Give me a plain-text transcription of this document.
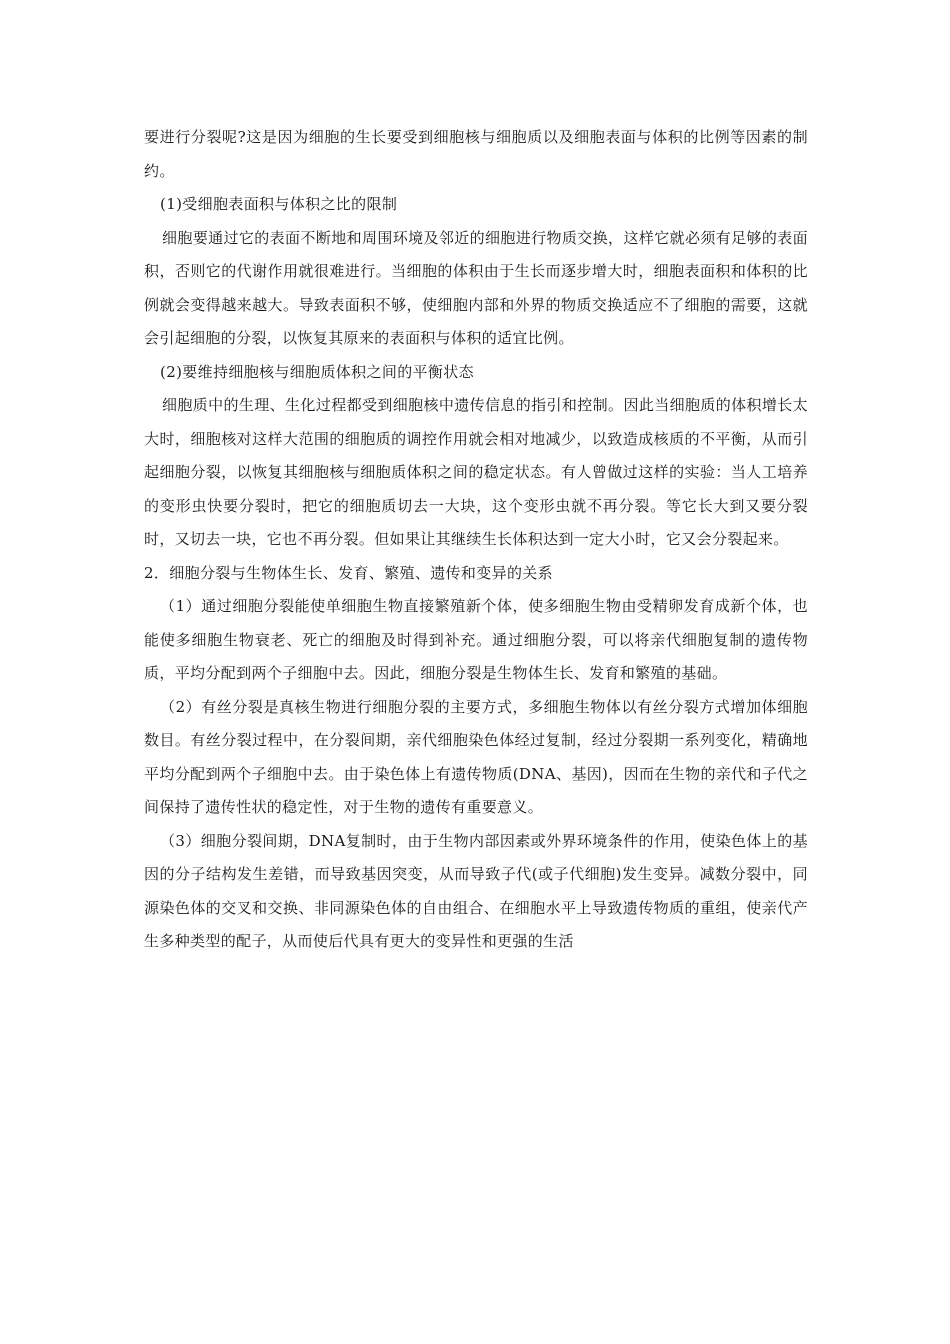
要进行分裂呢?这是因为细胞的生长要受到细胞核与细胞质以及细胞表面与体积的比例等因素的制约。

(1)受细胞表面积与体积之比的限制

细胞要通过它的表面不断地和周围环境及邻近的细胞进行物质交换，这样它就必须有足够的表面积，否则它的代谢作用就很难进行。当细胞的体积由于生长而逐步增大时，细胞表面积和体积的比例就会变得越来越大。导致表面积不够，使细胞内部和外界的物质交换适应不了细胞的需要，这就会引起细胞的分裂，以恢复其原来的表面积与体积的适宜比例。

(2)要维持细胞核与细胞质体积之间的平衡状态

细胞质中的生理、生化过程都受到细胞核中遗传信息的指引和控制。因此当细胞质的体积增长太大时，细胞核对这样大范围的细胞质的调控作用就会相对地减少，以致造成核质的不平衡，从而引起细胞分裂，以恢复其细胞核与细胞质体积之间的稳定状态。有人曾做过这样的实验：当人工培养的变形虫快要分裂时，把它的细胞质切去一大块，这个变形虫就不再分裂。等它长大到又要分裂时，又切去一块，它也不再分裂。但如果让其继续生长体积达到一定大小时，它又会分裂起来。

2．细胞分裂与生物体生长、发育、繁殖、遗传和变异的关系

（1）通过细胞分裂能使单细胞生物直接繁殖新个体，使多细胞生物由受精卵发育成新个体，也能使多细胞生物衰老、死亡的细胞及时得到补充。通过细胞分裂，可以将亲代细胞复制的遗传物质，平均分配到两个子细胞中去。因此，细胞分裂是生物体生长、发育和繁殖的基础。

（2）有丝分裂是真核生物进行细胞分裂的主要方式，多细胞生物体以有丝分裂方式增加体细胞数目。有丝分裂过程中，在分裂间期，亲代细胞染色体经过复制，经过分裂期一系列变化，精确地平均分配到两个子细胞中去。由于染色体上有遗传物质(DNA、基因)，因而在生物的亲代和子代之间保持了遗传性状的稳定性，对于生物的遗传有重要意义。

（3）细胞分裂间期，DNA复制时，由于生物内部因素或外界环境条件的作用，使染色体上的基因的分子结构发生差错，而导致基因突变，从而导致子代(或子代细胞)发生变异。减数分裂中，同源染色体的交叉和交换、非同源染色体的自由组合、在细胞水平上导致遗传物质的重组，使亲代产生多种类型的配子，从而使后代具有更大的变异性和更强的生活
